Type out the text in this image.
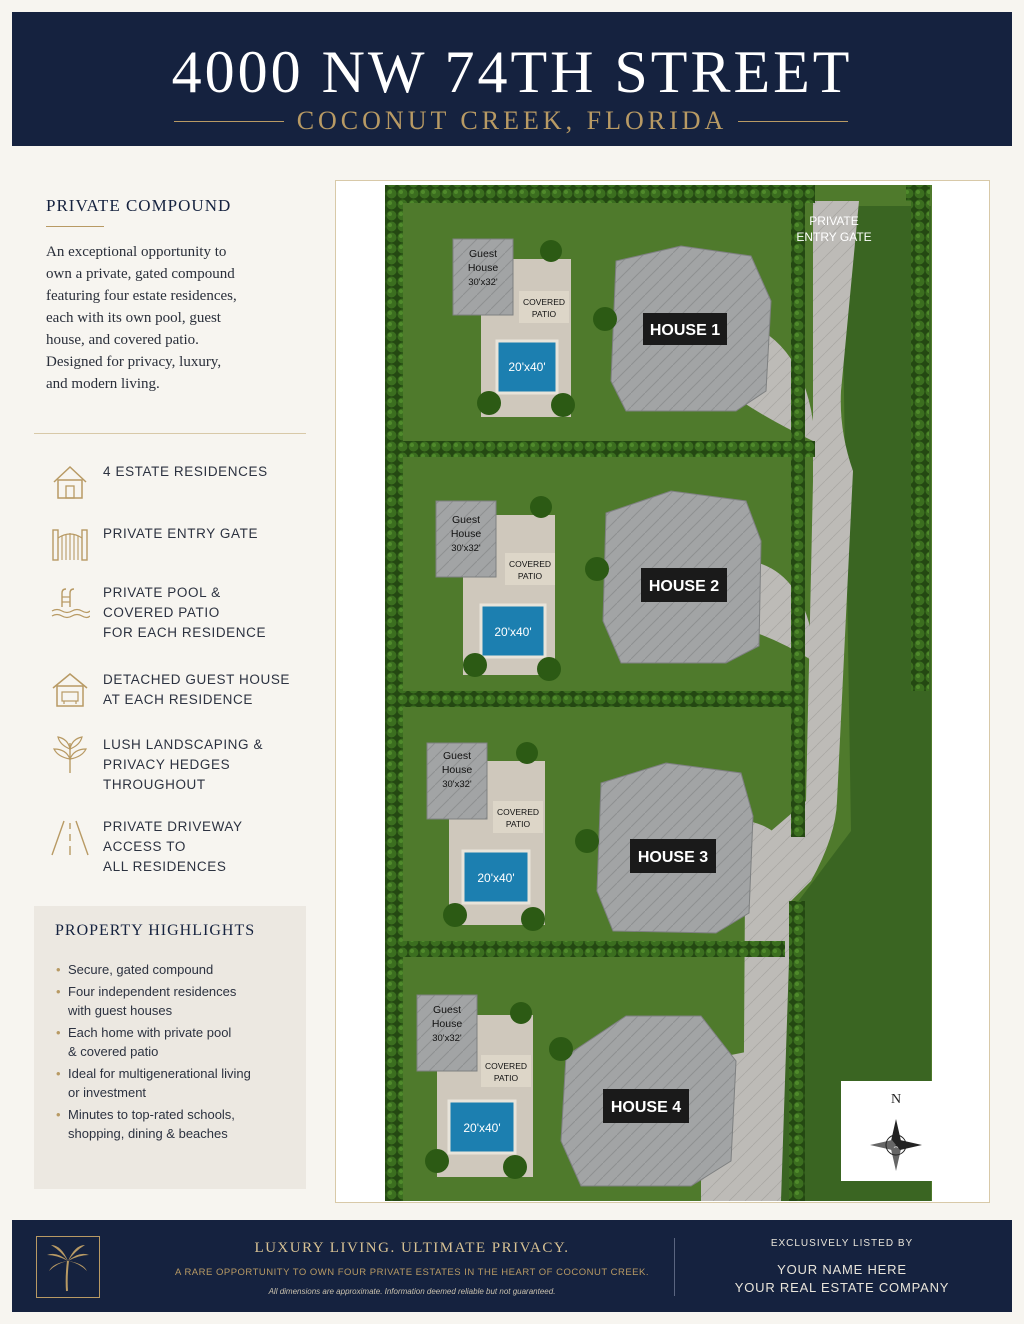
4000 NW 74TH STREET
COCONUT CREEK, FLORIDA
PRIVATE COMPOUND
An exceptional opportunity to
own a private, gated compound
featuring four estate residences,
each with its own pool, guest
house, and covered patio.
Designed for privacy, luxury,
and modern living.
4 ESTATE RESIDENCES
PRIVATE ENTRY GATE
PRIVATE POOL &
COVERED PATIO
FOR EACH RESIDENCE
DETACHED GUEST HOUSE
AT EACH RESIDENCE
LUSH LANDSCAPING &
PRIVACY HEDGES
THROUGHOUT
PRIVATE DRIVEWAY
ACCESS TO
ALL RESIDENCES
PROPERTY HIGHLIGHTS
• Secure, gated compound
• Four independent residences
with guest houses
• Each home with private pool
& covered patio
• Ideal for multigenerational living
or investment
• Minutes to top-rated schools,
shopping, dining & beaches
Guest
House
30'x32'
COVERED
PATIO
20'x40'
HOUSE 1
Guest
House
30'x32'
COVERED
PATIO
20'x40'
HOUSE 2
Guest
House
30'x32'
COVERED
PATIO
20'x40'
HOUSE 3
Guest
House
30'x32'
COVERED
PATIO
20'x40'
HOUSE 4
PRIVATE
ENTRY GATE
N
LUXURY LIVING. ULTIMATE PRIVACY.
A RARE OPPORTUNITY TO OWN FOUR PRIVATE ESTATES IN THE HEART OF COCONUT CREEK.
All dimensions are approximate. Information deemed reliable but not guaranteed.
EXCLUSIVELY LISTED BY
YOUR NAME HERE
YOUR REAL ESTATE COMPANY
